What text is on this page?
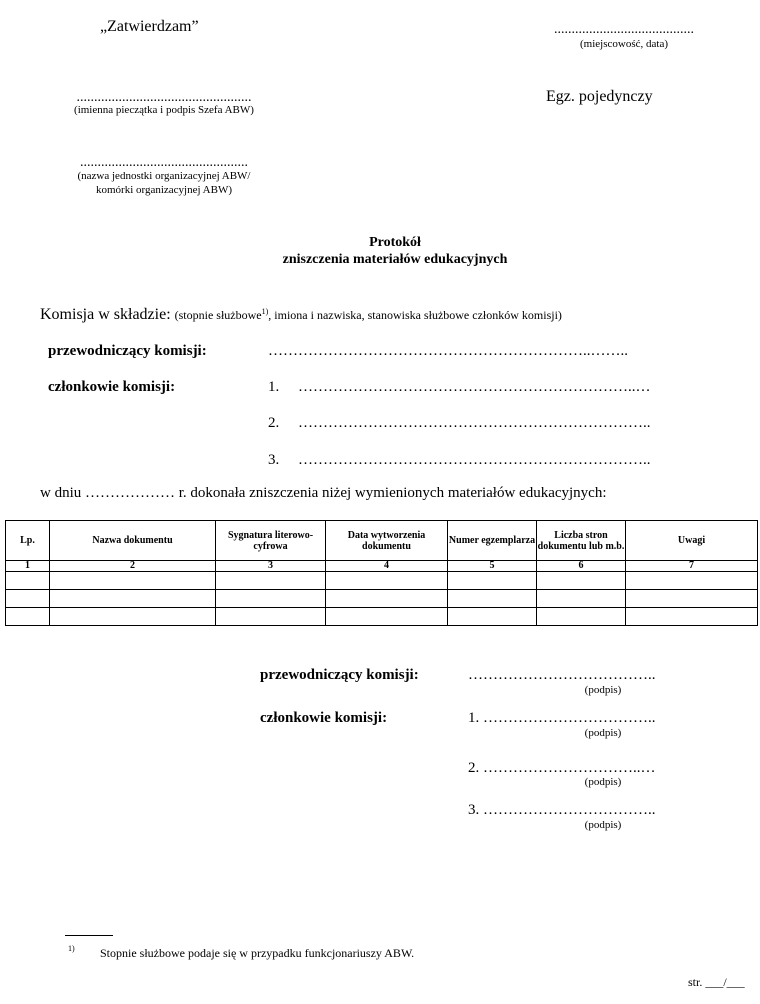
„Zatwierdzam”	........................................
(miejscowość, data)
..................................................
(imienna pieczątka i podpis Szefa ABW)
Egz. pojedynczy
................................................
(nazwa jednostki organizacyjnej ABW/
komórki organizacyjnej ABW)
Protokół
zniszczenia materiałów edukacyjnych
Komisja w składzie: (stopnie służbowe$^{1)}$, imiona i nazwiska, stanowiska służbowe członków komisji)
przewodniczący komisji:	………………………………………………………..……..
członkowie komisji:	1. …………………………………………………………..…
2. ……………………………………………………………..
3. ……………………………………………………………..
w dniu ……………… r. dokonała zniszczenia niżej wymienionych materiałów edukacyjnych:
Lp.	Nazwa dokumentu	Sygnatura literowo-cyfrowa	Data wytworzenia dokumentu	Numer egzemplarza	Liczba stron dokumentu lub m.b.	Uwagi
1	2	3	4	5	6	7

przewodniczący komisji:	………………………………..
(podpis)
członkowie komisji:	1. ……………………………..
(podpis)
2. …………………………..…
(podpis)
3. ……………………………..
(podpis)
1) Stopnie służbowe podaje się w przypadku funkcjonariuszy ABW.
str. ___/___
